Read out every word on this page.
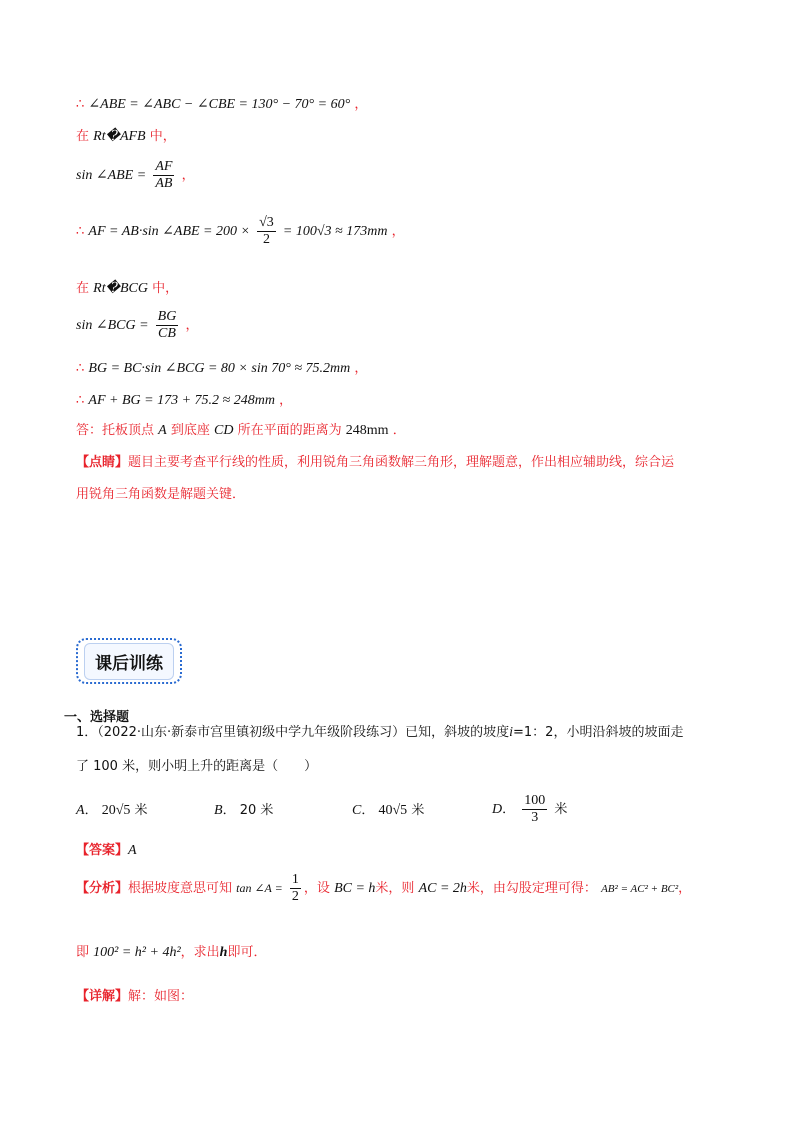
∴ ∠ABE = ∠ABC − ∠CBE = 130° − 70° = 60° ，
在 Rt�AFB 中，
sin ∠ABE = $\frac{AF}{AB}$ ，
∴ AF = AB·sin ∠ABE = $200 \times \frac{√3}{2} = 100√3 \approx 173mm$ ，
在 Rt�BCG 中，
sin ∠BCG = $\frac{BG}{CB}$ ，
∴ BG = BC·sin ∠BCG = 80 × sin 70° ≈ 75.2mm ，
∴ AF + BG = 173 + 75.2 ≈ 248mm ，
答：托板顶点 A 到底座 CD 所在平面的距离为 248mm ．
【点睛】题目主要考查平行线的性质，利用锐角三角函数解三角形，理解题意，作出相应辅助线，综合运
用锐角三角函数是解题关键．
课后训练
一、选择题
1．（2022·山东·新泰市宫里镇初级中学九年级阶段练习）已知，斜坡的坡度i=1：2，小明沿斜坡的坡面走
了 100 米，则小明上升的距离是（　　）
A． 20√5 米	B． 20 米	C． 40√5 米	D． $\frac{100}{3}$ 米
【答案】A
【分析】根据坡度意思可知 tan ∠A = $\frac{1}{2}$ ，设 BC = h米，则 AC = 2h米，由勾股定理可得： AB² = AC² + BC²，
即 100² = h² + 4h²，求出h即可．
【详解】解：如图：
